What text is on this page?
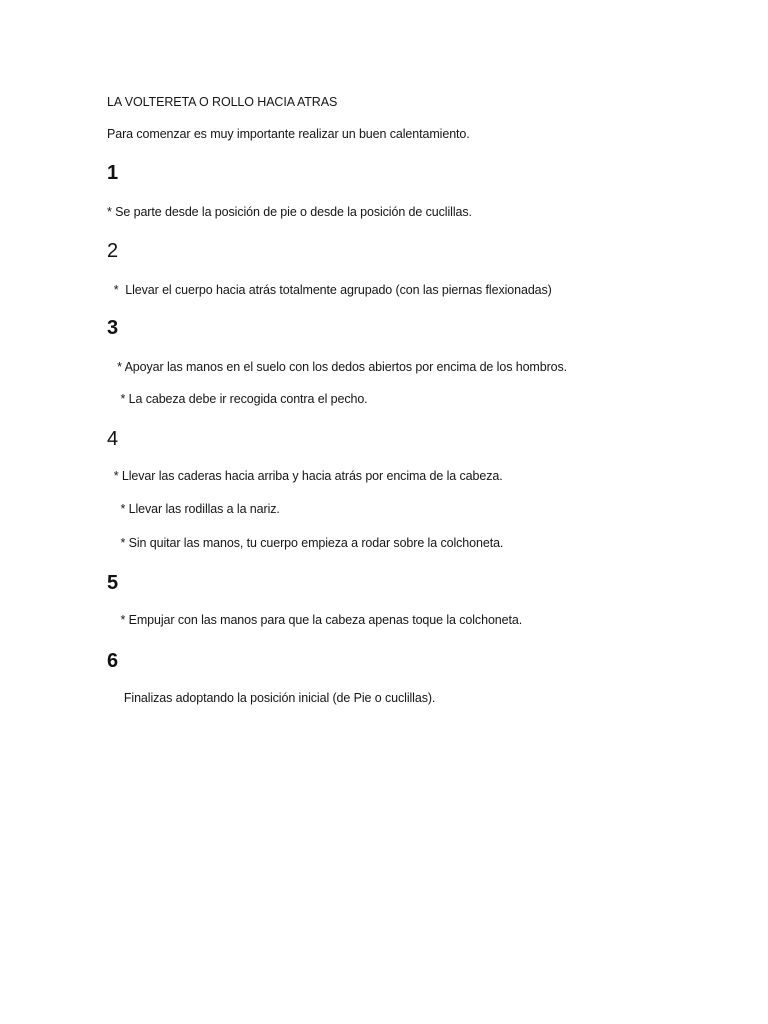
LA VOLTERETA O ROLLO HACIA ATRAS
Para comenzar es muy importante realizar un buen calentamiento.
1
* Se parte desde la posición de pie o desde la posición de cuclillas.
2
*  Llevar el cuerpo hacia atrás totalmente agrupado (con las piernas flexionadas)
3
* Apoyar las manos en el suelo con los dedos abiertos por encima de los hombros.
* La cabeza debe ir recogida contra el pecho.
4
* Llevar las caderas hacia arriba y hacia atrás por encima de la cabeza.
* Llevar las rodillas a la nariz.
* Sin quitar las manos, tu cuerpo empieza a rodar sobre la colchoneta.
5
* Empujar con las manos para que la cabeza apenas toque la colchoneta.
6
Finalizas adoptando la posición inicial (de Pie o cuclillas).
